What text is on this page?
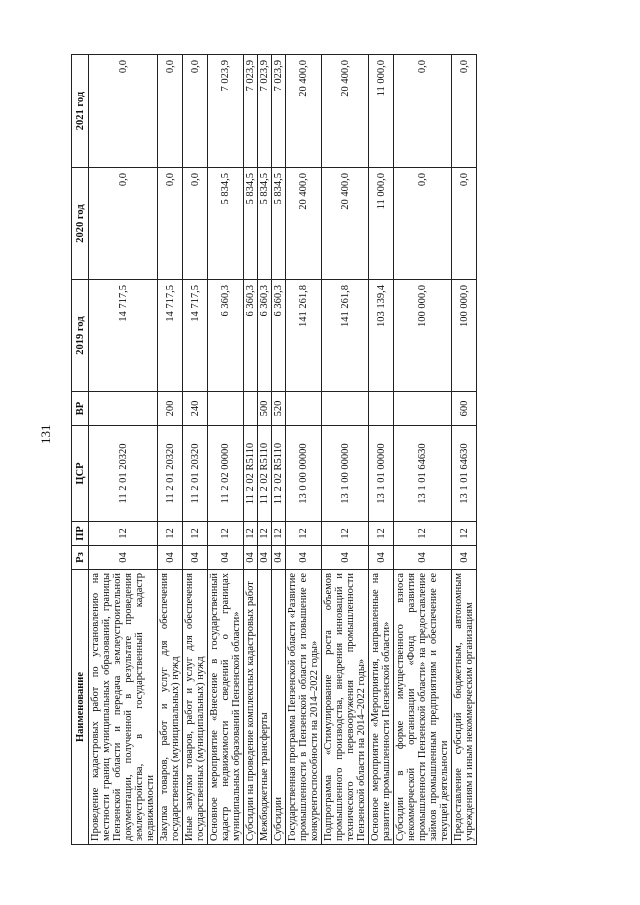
131
Наименование	Рз	ПР	ЦСР	ВР	2019 год	2020 год	2021 год
Проведение кадастровых работ по установлению на местности границ муниципальных образований, границы Пензенской области и передача землеустроительной документации, полученной в результате проведения землеустройства, в государственный кадастр недвижимости	04	12	11 2 01 20320		14 717,5	0,0	0,0
Закупка товаров, работ и услуг для обеспечения государственных (муниципальных) нужд	04	12	11 2 01 20320	200	14 717,5	0,0	0,0
Иные закупки товаров, работ и услуг для обеспечения государственных (муниципальных) нужд	04	12	11 2 01 20320	240	14 717,5	0,0	0,0
Основное мероприятие «Внесение в государственный кадастр недвижимости сведений о границах муниципальных образований Пензенской области»	04	12	11 2 02 00000		6 360,3	5 834,5	7 023,9
Субсидии на проведение комплексных кадастровых работ	04	12	11 2 02 R5110		6 360,3	5 834,5	7 023,9
Межбюджетные трансферты	04	12	11 2 02 R5110	500	6 360,3	5 834,5	7 023,9
Субсидии	04	12	11 2 02 R5110	520	6 360,3	5 834,5	7 023,9
Государственная программа Пензенской области «Развитие промышленности в Пензенской области и повышение ее конкурентоспособности на 2014–2022 годы»	04	12	13 0 00 00000		141 261,8	20 400,0	20 400,0
Подпрограмма «Стимулирование роста объемов промышленного производства, внедрения инноваций и технического перевооружения промышленности Пензенской области на 2014–2022 годы»	04	12	13 1 00 00000		141 261,8	20 400,0	20 400,0
Основное мероприятие «Мероприятия, направленные на развитие промышленности Пензенской области»	04	12	13 1 01 00000		103 139,4	11 000,0	11 000,0
Субсидии в форме имущественного взноса некоммерческой организации «Фонд развития промышленности Пензенской области» на предоставление займов промышленным предприятиям и обеспечение ее текущей деятельности	04	12	13 1 01 64630		100 000,0	0,0	0,0
Предоставление субсидий бюджетным, автономным учреждениям и иным некоммерческим организациям	04	12	13 1 01 64630	600	100 000,0	0,0	0,0
